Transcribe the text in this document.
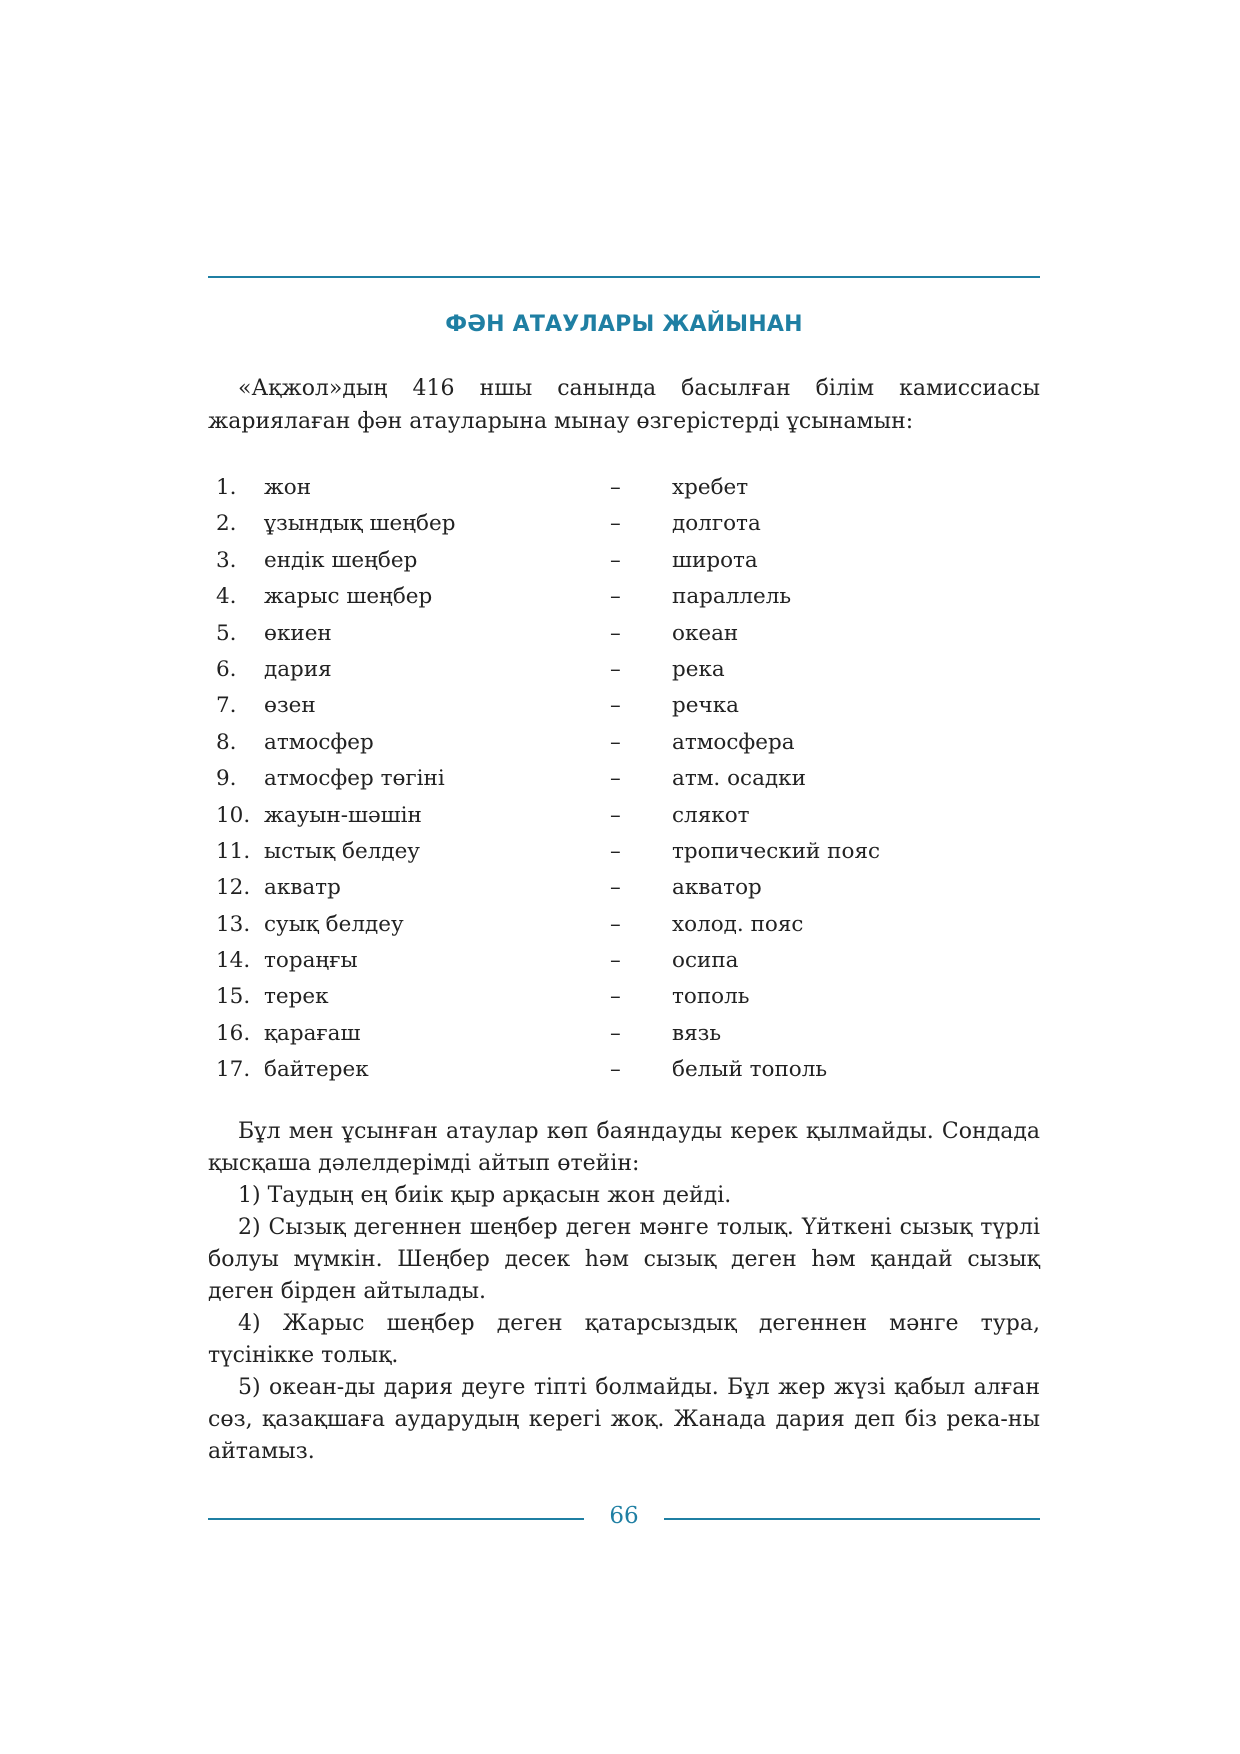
ФӘН АТАУЛАРЫ ЖАЙЫНАН

«Ақжол»дың 416 ншы санында басылған білім камиссиасы жариялаған фән атауларына мынау өзгерістерді ұсынамын:

1. жон	– хребет
2. ұзындық шеңбер	– долгота
3. ендік шеңбер	– широта
4. жарыс шеңбер	– параллель
5. өкиен	– океан
6. дария	– река
7. өзен	– речка
8. атмосфер	– атмосфера
9. атмосфер төгіні	– атм. осадки
10. жауын-шәшін	– слякот
11. ыстық белдеу	– тропический пояс
12. акватр	– акватор
13. суық белдеу	– холод. пояс
14. тораңғы	– осипа
15. терек	– тополь
16. қарағаш	– вязь
17. байтерек	– белый тополь

Бұл мен ұсынған атаулар көп баяндауды керек қылмайды. Сондада қысқаша дәлелдерімді айтып өтейін:

1) Таудың ең биік қыр арқасын жон дейді.

2) Сызық дегеннен шеңбер деген мәнге толық. Үйткені сызық түрлі болуы мүмкін. Шеңбер десек һәм сызық деген һәм қандай сызық деген бірден айтылады.

4) Жарыс шеңбер деген қатарсыздық дегеннен мәнге тура, түсінікке толық.

5) океан-ды дария деуге тіпті болмайды. Бұл жер жүзі қабыл алған сөз, қазақшаға аударудың керегі жоқ. Жанада дария деп біз река-ны айтамыз.

66
